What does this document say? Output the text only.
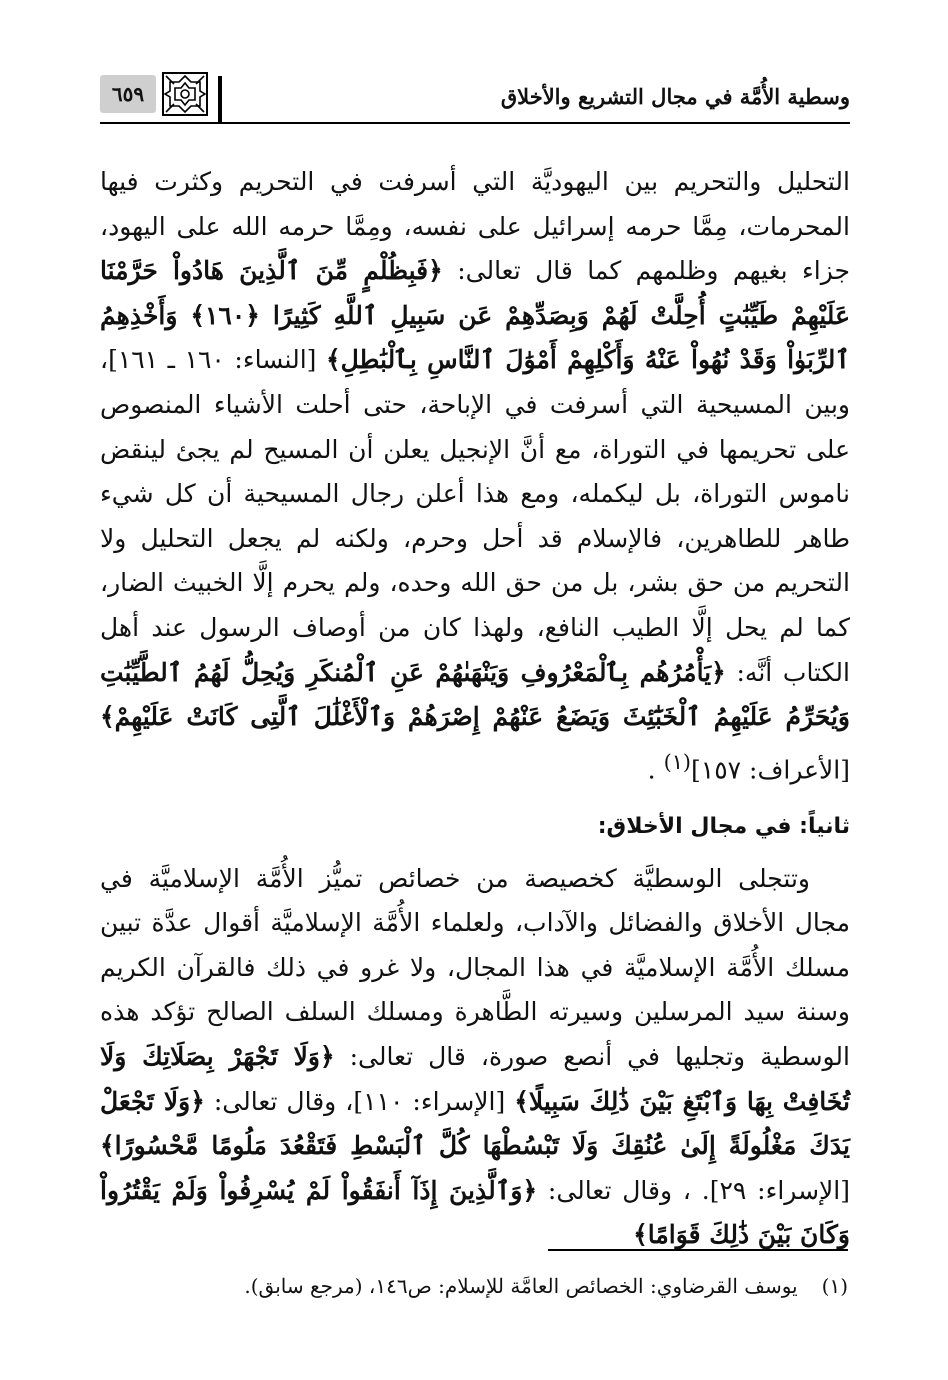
وسطية الأُمَّة في مجال التشريع والأخلاق
٦٥٩

التحليل والتحريم بين اليهوديَّة التي أسرفت في التحريم وكثرت فيها المحرمات، مِمَّا حرمه إسرائيل على نفسه، ومِمَّا حرمه الله على اليهود، جزاء بغيهم وظلمهم كما قال تعالى: ﴿فَبِظُلْمٍ مِّنَ ٱلَّذِينَ هَادُواْ حَرَّمْنَا عَلَيْهِمْ طَيِّبَٰتٍ أُحِلَّتْ لَهُمْ وَبِصَدِّهِمْ عَن سَبِيلِ ٱللَّهِ كَثِيرًا ﴿١٦٠﴾ وَأَخْذِهِمُ ٱلرِّبَوٰاْ وَقَدْ نُهُواْ عَنْهُ وَأَكْلِهِمْ أَمْوَٰلَ ٱلنَّاسِ بِٱلْبَٰطِلِ﴾ [النساء: ١٦٠ ـ ١٦١]، وبين المسيحية التي أسرفت في الإباحة، حتى أحلت الأشياء المنصوص على تحريمها في التوراة، مع أنَّ الإنجيل يعلن أن المسيح لم يجئ لينقض ناموس التوراة، بل ليكمله، ومع هذا أعلن رجال المسيحية أن كل شيء طاهر للطاهرين، فالإسلام قد أحل وحرم، ولكنه لم يجعل التحليل ولا التحريم من حق بشر، بل من حق الله وحده، ولم يحرم إلَّا الخبيث الضار، كما لم يحل إلَّا الطيب النافع، ولهذا كان من أوصاف الرسول عند أهل الكتاب أنَّه: ﴿يَأْمُرُهُم بِٱلْمَعْرُوفِ وَيَنْهَىٰهُمْ عَنِ ٱلْمُنكَرِ وَيُحِلُّ لَهُمُ ٱلطَّيِّبَٰتِ وَيُحَرِّمُ عَلَيْهِمُ ٱلْخَبَٰٓئِثَ وَيَضَعُ عَنْهُمْ إِصْرَهُمْ وَٱلْأَغْلَٰلَ ٱلَّتِى كَانَتْ عَلَيْهِمْ﴾ [الأعراف: ١٥٧]$^{(١)}$ .

ثانياً: في مجال الأخلاق:

وتتجلى الوسطيَّة كخصيصة من خصائص تميُّز الأُمَّة الإسلاميَّة في مجال الأخلاق والفضائل والآداب، ولعلماء الأُمَّة الإسلاميَّة أقوال عدَّة تبين مسلك الأُمَّة الإسلاميَّة في هذا المجال، ولا غرو في ذلك فالقرآن الكريم وسنة سيد المرسلين وسيرته الطَّاهرة ومسلك السلف الصالح تؤكد هذه الوسطية وتجليها في أنصع صورة، قال تعالى: ﴿وَلَا تَجْهَرْ بِصَلَاتِكَ وَلَا تُخَافِتْ بِهَا وَٱبْتَغِ بَيْنَ ذَٰلِكَ سَبِيلًا﴾ [الإسراء: ١١٠]، وقال تعالى: ﴿وَلَا تَجْعَلْ يَدَكَ مَغْلُولَةً إِلَىٰ عُنُقِكَ وَلَا تَبْسُطْهَا كُلَّ ٱلْبَسْطِ فَتَقْعُدَ مَلُومًا مَّحْسُورًا﴾ [الإسراء: ٢٩]. ، وقال تعالى: ﴿وَٱلَّذِينَ إِذَآ أَنفَقُواْ لَمْ يُسْرِفُواْ وَلَمْ يَقْتُرُواْ وَكَانَ بَيْنَ ذَٰلِكَ قَوَامًا﴾

(١)يوسف القرضاوي: الخصائص العامَّة للإسلام: ص١٤٦، (مرجع سابق).
